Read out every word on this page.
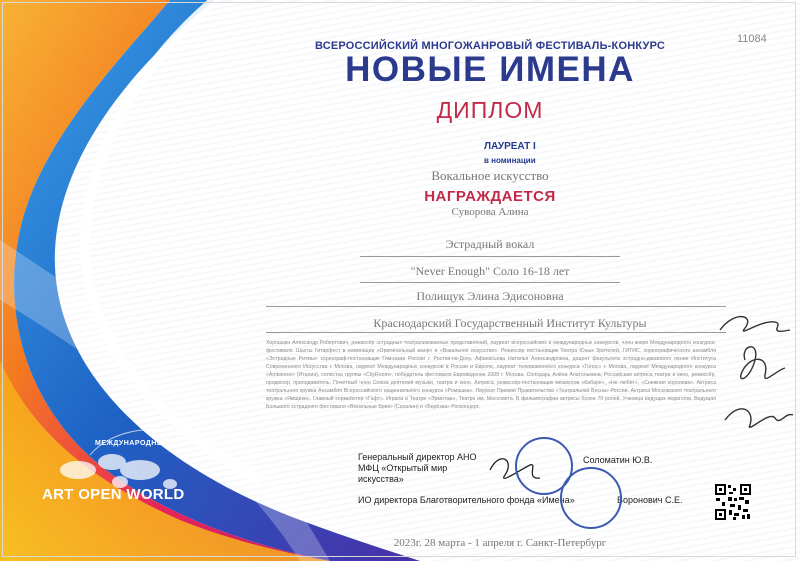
ВСЕРОССИЙСКИЙ МНОГОЖАНРОВЫЙ ФЕСТИВАЛЬ-КОНКУРС
НОВЫЕ ИМЕНА
11084
ДИПЛОМ
ЛАУРЕАТ I
в номинации
Вокальное искусство
НАГРАЖДАЕТСЯ
Суворова Алина
Эстрадный вокал
"Never Enough" Соло 16-18 лет
Полищук Элина Эдисоновна
Краснодарский Государственный Институт Культуры
Хорошкин Александр Робертович, режиссёр эстрадных театрализованных представлений, лауреат всероссийских и международных конкурсов, член жюри Международного конкурса-фестиваля. Шахты Гитарфест в номинации «Оригинальный жанр» и «Вокальное искусство». Режиссёр постановщик Театра Юных Зрителей, ГИТИС, хореографического ансамбля «Эстрадные Ритмы» хореограф-постановщик Гимназии России г. Ростов-на-Дону. Афанасьева Наталья Александровна, доцент факультета эстрадно-джазового пения Института Современного Искусства г. Москва, лауреат Международных конкурсов в России и Европе, лауреат телевизионного конкурса «Голос» г. Москва, лауреат Международного конкурса «Ambience» (Италия), солистка группы «CityRoom», победитель фестиваля Евровидение 2009 г. Москва. Солодарь Алёна Анатольевна, Российская актриса театра и кино, режиссёр, продюсер, преподаватель. Почётный член Союза деятелей музыки, театра и кино. Актриса, режиссёр-постановщик мюзиклов «Кабаре», «Не любит», «Снежная королева». Актриса театрального кружка Ансамбля Всероссийского национального конкурса «Ромашка». Лауреат Премии Правительства «Театральная Весна» России. Актриса Московского театрального кружка «Ямщики». Главный хормейстер «Гафт». Играла в Театре «Эрмитаж», Театре им. Моссовета. В фильмографии актрисы более 70 ролей. Ученица ведущих педагогов. Ведущая Большого эстрадного фестиваля «Вокальные Бриз» (Сахалин) и «Берёзка» Росконцерт.
Генеральный директор АНО МФЦ «Открытый мир искусства»
Соломатин Ю.В.
ИО директора Благотворительного фонда «Имена»	Воронович С.Е.
МЕЖДУНАРОДНЫЙ ФЕСТИВАЛЬНЫЙ ЦЕНТР
ART OPEN WORLD
2023г. 28 марта - 1 апреля г. Санкт-Петербург
